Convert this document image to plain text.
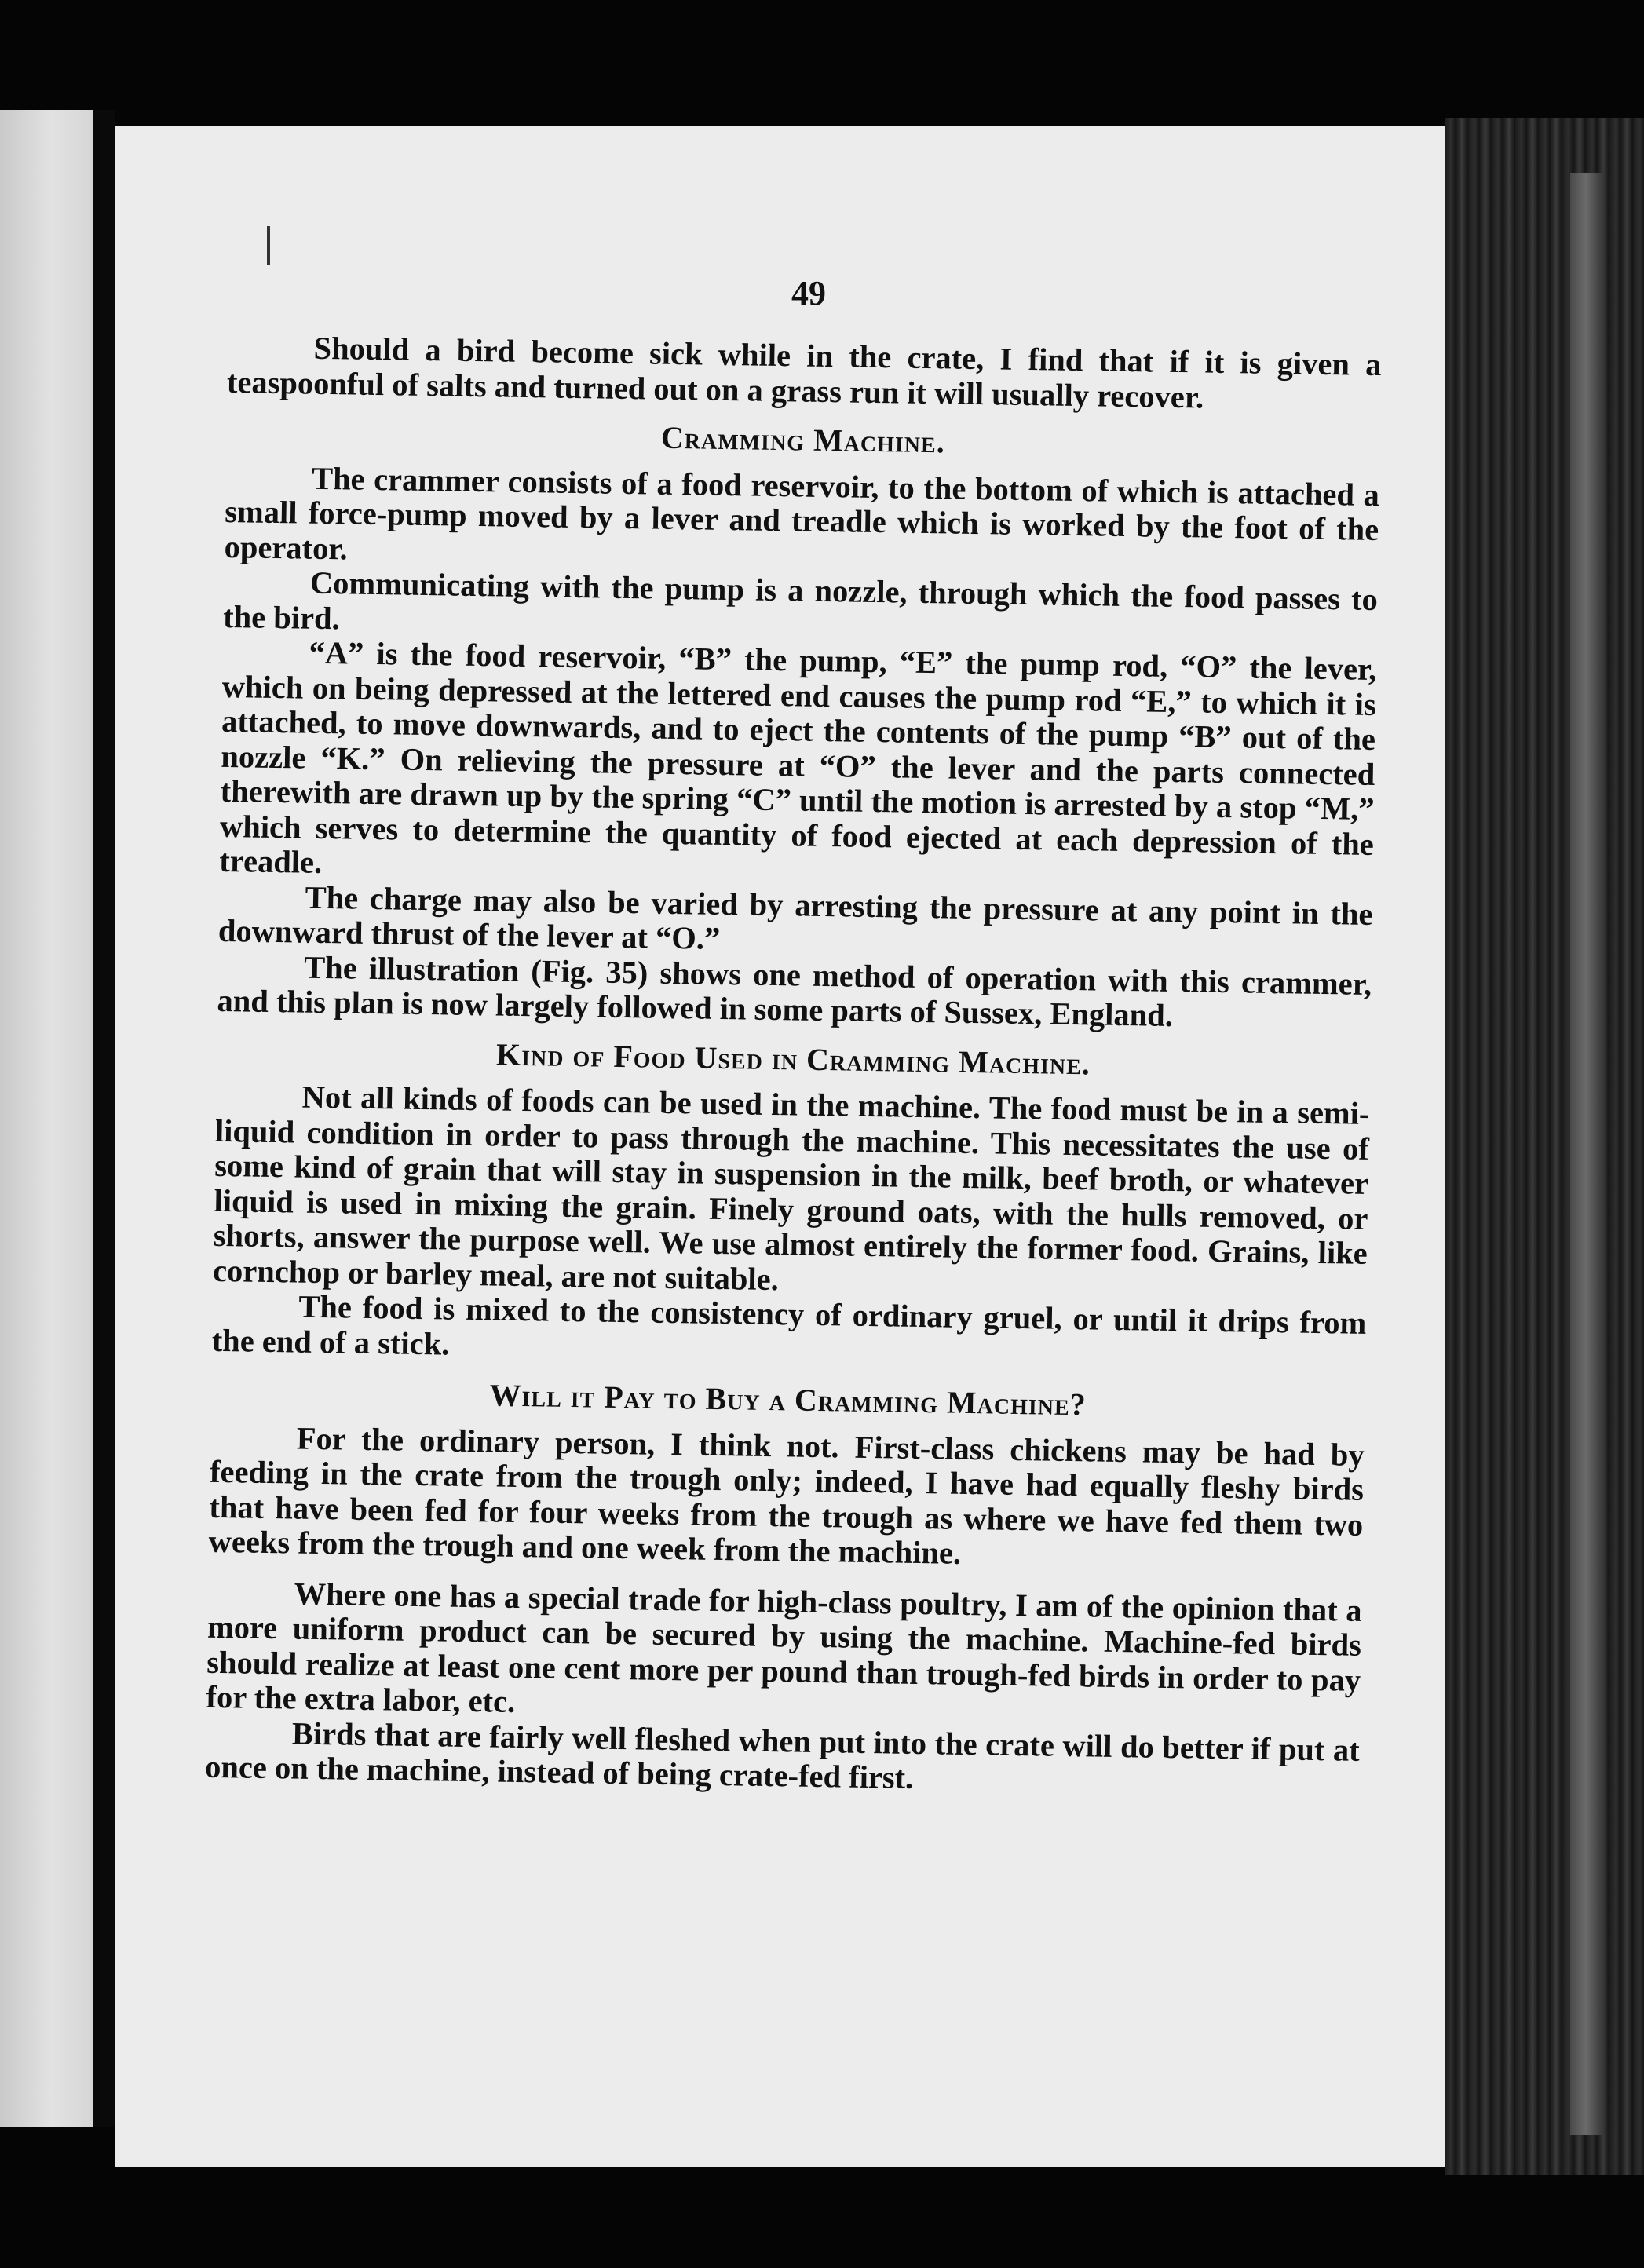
49

Should a bird become sick while in the crate, I find that if it is given a teaspoonful of salts and turned out on a grass run it will usually recover.

Cramming Machine.

The crammer consists of a food reservoir, to the bottom of which is attached a small force-pump moved by a lever and treadle which is worked by the foot of the operator.

Communicating with the pump is a nozzle, through which the food passes to the bird.

“A” is the food reservoir, “B” the pump, “E” the pump rod, “O” the lever, which on being depressed at the lettered end causes the pump rod “E,” to which it is attached, to move downwards, and to eject the contents of the pump “B” out of the nozzle “K.” On relieving the pressure at “O” the lever and the parts connected therewith are drawn up by the spring “C” until the motion is arrested by a stop “M,” which serves to determine the quantity of food ejected at each depression of the treadle.

The charge may also be varied by arresting the pressure at any point in the downward thrust of the lever at “O.”

The illustration (Fig. 35) shows one method of operation with this crammer, and this plan is now largely followed in some parts of Sussex, England.

Kind of Food Used in Cramming Machine.

Not all kinds of foods can be used in the machine. The food must be in a semi-liquid condition in order to pass through the machine. This necessitates the use of some kind of grain that will stay in suspension in the milk, beef broth, or whatever liquid is used in mixing the grain. Finely ground oats, with the hulls removed, or shorts, answer the purpose well. We use almost entirely the former food. Grains, like cornchop or barley meal, are not suitable.

The food is mixed to the consistency of ordinary gruel, or until it drips from the end of a stick.

Will it Pay to Buy a Cramming Machine?

For the ordinary person, I think not. First-class chickens may be had by feeding in the crate from the trough only; indeed, I have had equally fleshy birds that have been fed for four weeks from the trough as where we have fed them two weeks from the trough and one week from the machine.

Where one has a special trade for high-class poultry, I am of the opinion that a more uniform product can be secured by using the machine. Machine-fed birds should realize at least one cent more per pound than trough-fed birds in order to pay for the extra labor, etc.

Birds that are fairly well fleshed when put into the crate will do better if put at once on the machine, instead of being crate-fed first.
